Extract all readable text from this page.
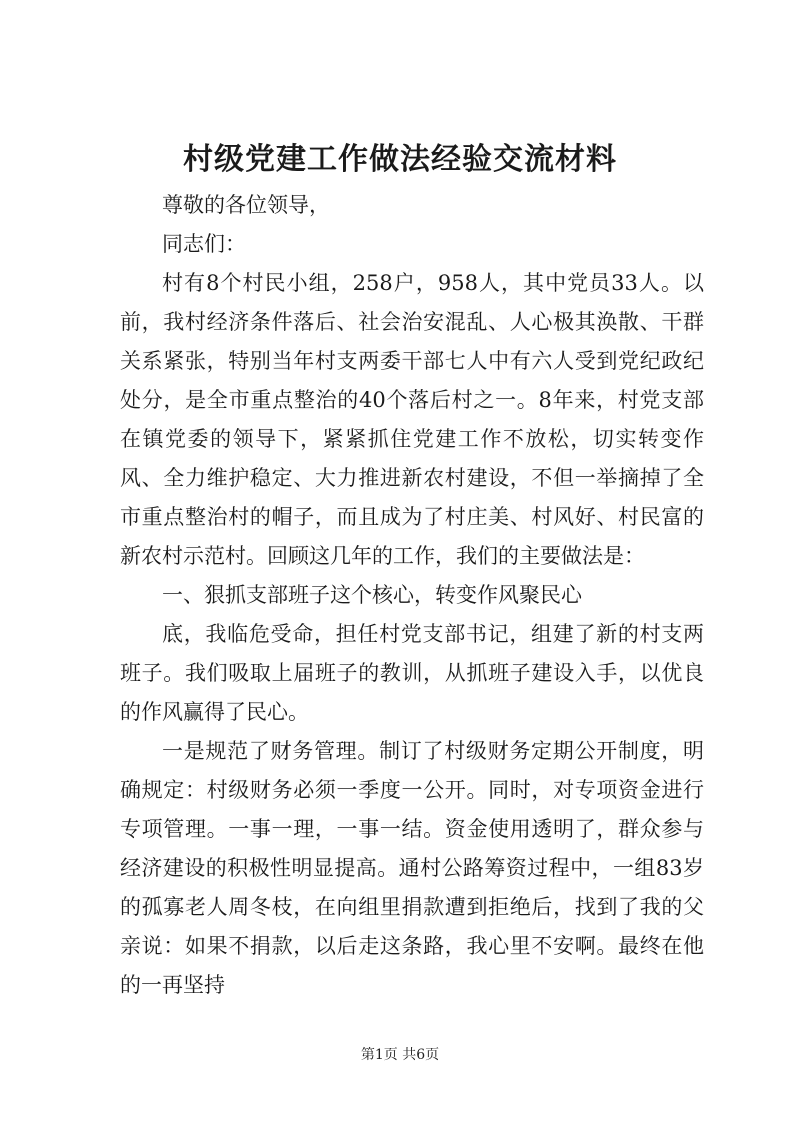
村级党建工作做法经验交流材料

尊敬的各位领导，

同志们：

村有8个村民小组，258户，958人，其中党员33人。以前，我村经济条件落后、社会治安混乱、人心极其涣散、干群关系紧张，特别当年村支两委干部七人中有六人受到党纪政纪处分，是全市重点整治的40个落后村之一。8年来，村党支部在镇党委的领导下，紧紧抓住党建工作不放松，切实转变作风、全力维护稳定、大力推进新农村建设，不但一举摘掉了全市重点整治村的帽子，而且成为了村庄美、村风好、村民富的新农村示范村。回顾这几年的工作，我们的主要做法是：

一、狠抓支部班子这个核心，转变作风聚民心

底，我临危受命，担任村党支部书记，组建了新的村支两班子。我们吸取上届班子的教训，从抓班子建设入手，以优良的作风赢得了民心。

一是规范了财务管理。制订了村级财务定期公开制度，明确规定：村级财务必须一季度一公开。同时，对专项资金进行专项管理。一事一理，一事一结。资金使用透明了，群众参与经济建设的积极性明显提高。通村公路筹资过程中，一组83岁的孤寡老人周冬枝，在向组里捐款遭到拒绝后，找到了我的父亲说：如果不捐款，以后走这条路，我心里不安啊。最终在他的一再坚持

第1页 共6页
